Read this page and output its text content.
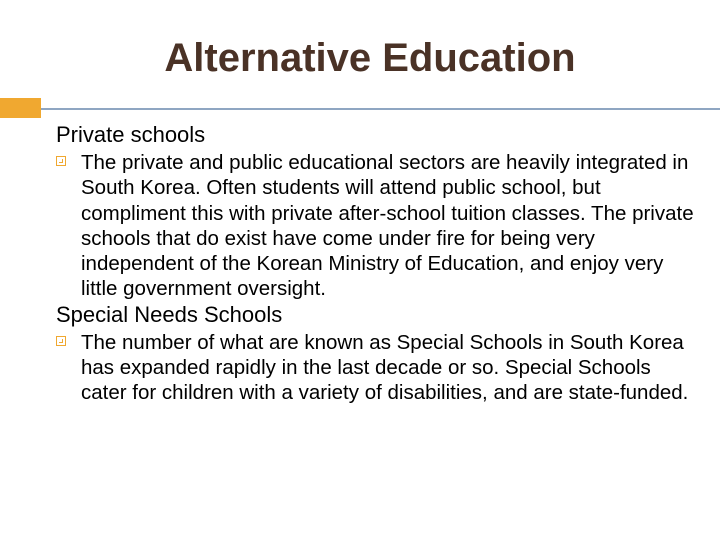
Alternative Education

Private schools

The private and public educational sectors are heavily integrated in South Korea. Often students will attend public school, but compliment this with private after-school tuition classes. The private schools that do exist have come under fire for being very independent of the Korean Ministry of Education, and enjoy very little government oversight.

Special Needs Schools

The number of what are known as Special Schools in South Korea has expanded rapidly in the last decade or so. Special Schools cater for children with a variety of disabilities, and are state-funded.
